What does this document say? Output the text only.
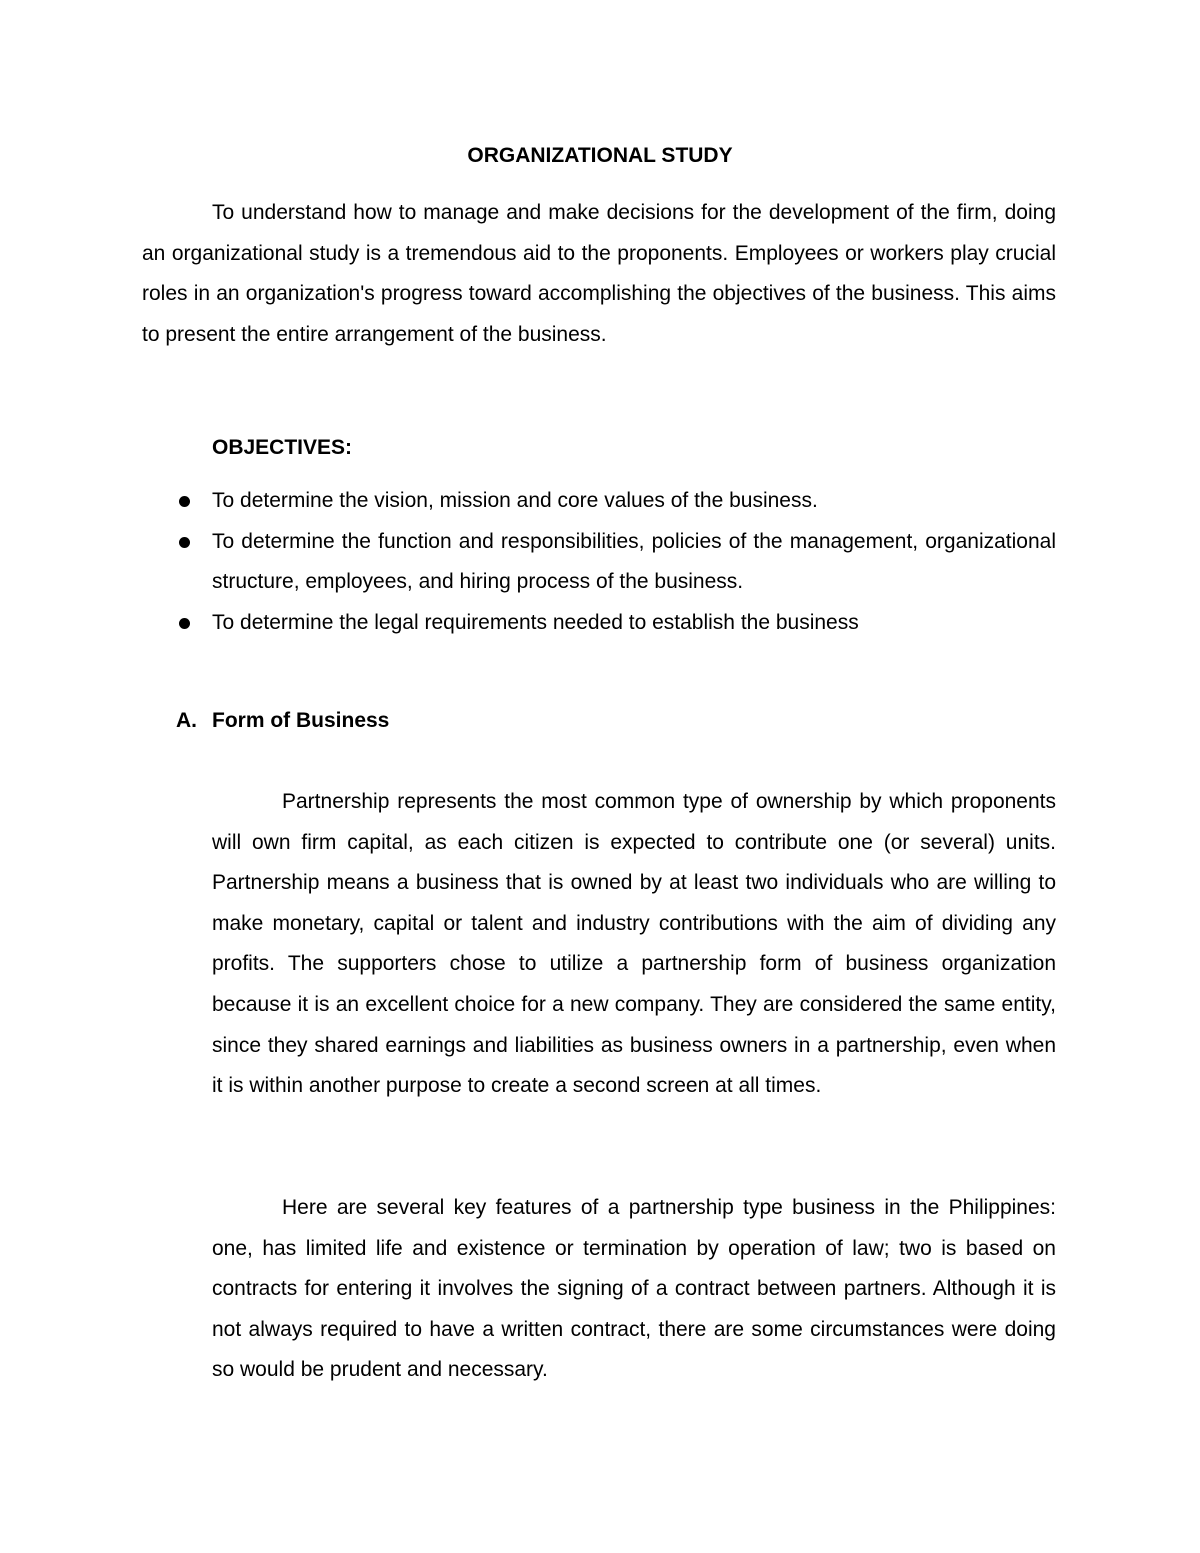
ORGANIZATIONAL STUDY

To understand how to manage and make decisions for the development of the firm, doing an organizational study is a tremendous aid to the proponents. Employees or workers play crucial roles in an organization's progress toward accomplishing the objectives of the business. This aims to present the entire arrangement of the business.

OBJECTIVES:
To determine the vision, mission and core values of the business.
To determine the function and responsibilities, policies of the management, organizational structure, employees, and hiring process of the business.
To determine the legal requirements needed to establish the business
A. Form of Business

Partnership represents the most common type of ownership by which proponents will own firm capital, as each citizen is expected to contribute one (or several) units. Partnership means a business that is owned by at least two individuals who are willing to make monetary, capital or talent and industry contributions with the aim of dividing any profits. The supporters chose to utilize a partnership form of business organization because it is an excellent choice for a new company. They are considered the same entity, since they shared earnings and liabilities as business owners in a partnership, even when it is within another purpose to create a second screen at all times.

Here are several key features of a partnership type business in the Philippines: one, has limited life and existence or termination by operation of law; two is based on contracts for entering it involves the signing of a contract between partners. Although it is not always required to have a written contract, there are some circumstances were doing so would be prudent and necessary.
